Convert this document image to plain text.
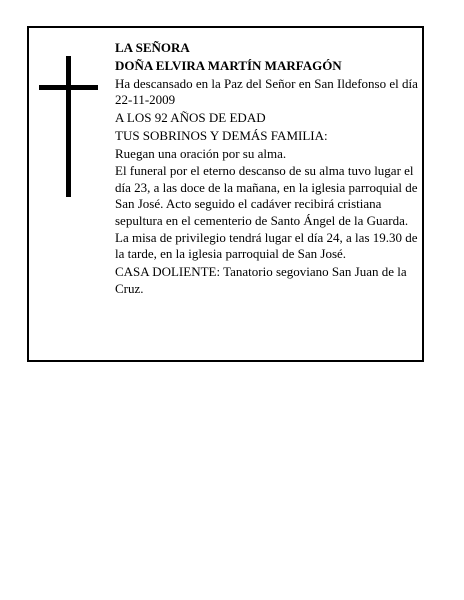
LA SEÑORA

DOÑA ELVIRA MARTÍN MARFAGÓN

Ha descansado en la Paz del Señor en San Ildefonso el día 22-11-2009

A LOS 92 AÑOS DE EDAD

TUS SOBRINOS Y DEMÁS FAMILIA:

Ruegan una oración por su alma.

El funeral por el eterno descanso de su alma tuvo lugar el día 23, a las doce de la mañana, en la iglesia parroquial de San José. Acto seguido el cadáver recibirá cristiana sepultura en el cementerio de Santo Ángel de la Guarda. La misa de privilegio tendrá lugar el día 24, a las 19.30 de la tarde, en la iglesia parroquial de San José.

CASA DOLIENTE: Tanatorio segoviano San Juan de la Cruz.
